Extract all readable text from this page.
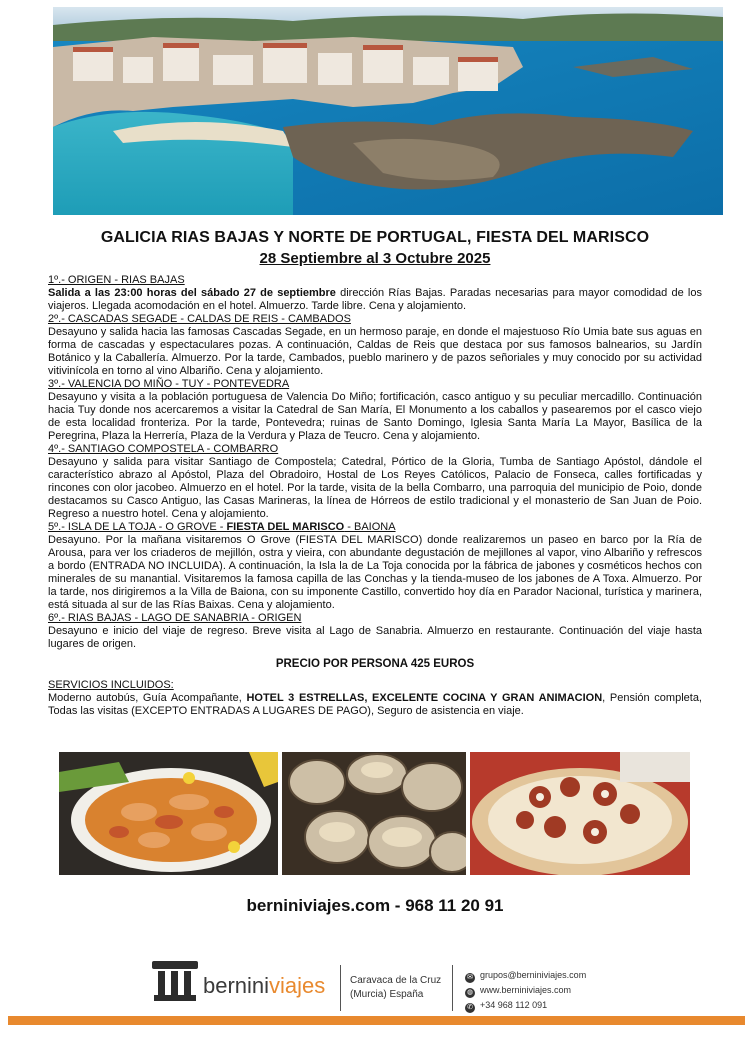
GALICIA RIAS BAJAS Y NORTE DE PORTUGAL, FIESTA DEL MARISCO
28 Septiembre al 3 Octubre 2025
1º.- ORIGEN - RIAS BAJAS
Salida a las 23:00 horas del sábado 27 de septiembre dirección Rías Bajas. Paradas necesarias para mayor comodidad de los viajeros. Llegada acomodación en el hotel. Almuerzo. Tarde libre. Cena y alojamiento.
2º.- CASCADAS SEGADE - CALDAS DE REIS - CAMBADOS
Desayuno y salida hacia las famosas Cascadas Segade, en un hermoso paraje, en donde el majestuoso Río Umia bate sus aguas en forma de cascadas y espectaculares pozas. A continuación, Caldas de Reis que destaca por sus famosos balnearios, su Jardín Botánico y la Caballería. Almuerzo. Por la tarde, Cambados, pueblo marinero y de pazos señoriales y muy conocido por su actividad vitivinícola en torno al vino Albariño. Cena y alojamiento.
3º.- VALENCIA DO MIÑO - TUY - PONTEVEDRA
Desayuno y visita a la población portuguesa de Valencia Do Miño; fortificación, casco antiguo y su peculiar mercadillo. Continuación hacia Tuy donde nos acercaremos a visitar la Catedral de San María, El Monumento a los caballos y pasearemos por el casco viejo de esta localidad fronteriza. Por la tarde, Pontevedra; ruinas de Santo Domingo, Iglesia Santa María La Mayor, Basílica de la Peregrina, Plaza la Herrería, Plaza de la Verdura y Plaza de Teucro. Cena y alojamiento.
4º.- SANTIAGO COMPOSTELA - COMBARRO
Desayuno y salida para visitar Santiago de Compostela; Catedral, Pórtico de la Gloria, Tumba de Santiago Apóstol, dándole el característico abrazo al Apóstol, Plaza del Obradoiro, Hostal de Los Reyes Católicos, Palacio de Fonseca, calles fortificadas y rincones con olor jacobeo. Almuerzo en el hotel. Por la tarde, visita de la bella Combarro, una parroquia del municipio de Poio, donde destacamos su Casco Antiguo, las Casas Marineras, la línea de Hórreos de estilo tradicional y el monasterio de San Juan de Poio. Regreso a nuestro hotel. Cena y alojamiento.
5º.- ISLA DE LA TOJA - O GROVE - FIESTA DEL MARISCO - BAIONA
Desayuno. Por la mañana visitaremos O Grove (FIESTA DEL MARISCO) donde realizaremos un paseo en barco por la Ría de Arousa, para ver los criaderos de mejillón, ostra y vieira, con abundante degustación de mejillones al vapor, vino Albariño y refrescos a bordo (ENTRADA NO INCLUIDA). A continuación, la Isla la de La Toja conocida por la fábrica de jabones y cosméticos hechos con minerales de su manantial. Visitaremos la famosa capilla de las Conchas y la tienda-museo de los jabones de A Toxa. Almuerzo. Por la tarde, nos dirigiremos a la Villa de Baiona, con su imponente Castillo, convertido hoy día en Parador Nacional, turística y marinera, está situada al sur de las Rías Baixas. Cena y alojamiento.
6º.- RIAS BAJAS - LAGO DE SANABRIA - ORIGEN
Desayuno e inicio del viaje de regreso. Breve visita al Lago de Sanabria. Almuerzo en restaurante. Continuación del viaje hasta lugares de origen.
PRECIO POR PERSONA 425 EUROS
SERVICIOS INCLUIDOS:
Moderno autobús, Guía Acompañante, HOTEL 3 ESTRELLAS, EXCELENTE COCINA Y GRAN ANIMACION, Pensión completa, Todas las visitas (EXCEPTO ENTRADAS A LUGARES DE PAGO), Seguro de asistencia en viaje.
berniniviajes.com - 968 11 20 91
berniniviajes Caravaca de la Cruz
(Murcia) España
✉ grupos@berniniviajes.com
◍ www.berniniviajes.com
✆ +34 968 112 091
